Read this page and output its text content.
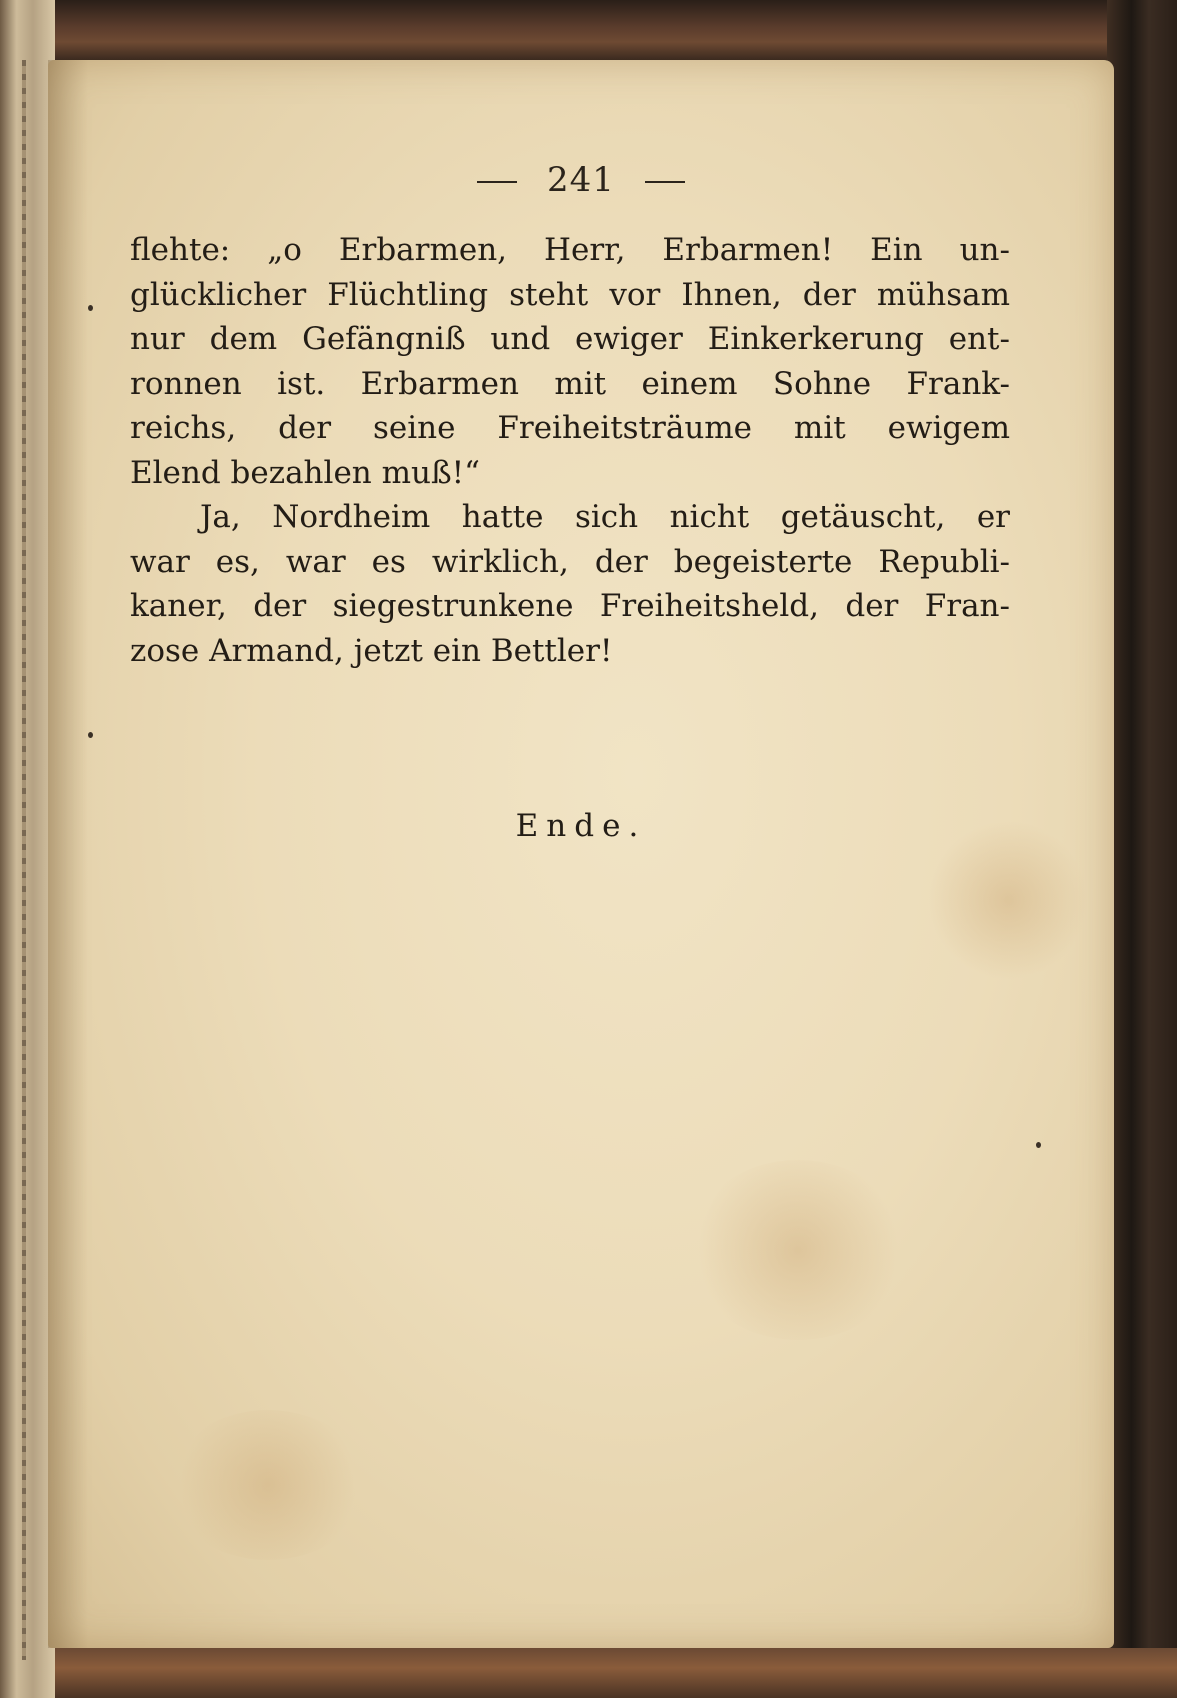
241
flehte: „o Erbarmen, Herr, Erbarmen! Ein un-
glücklicher Flüchtling steht vor Ihnen, der mühsam
nur dem Gefängniß und ewiger Einkerkerung ent-
ronnen ist. Erbarmen mit einem Sohne Frank-
reichs, der seine Freiheitsträume mit ewigem
Elend bezahlen muß!“
Ja, Nordheim hatte sich nicht getäuscht, er
war es, war es wirklich, der begeisterte Republi-
kaner, der siegestrunkene Freiheitsheld, der Fran-
zose Armand, jetzt ein Bettler!
Ende.
